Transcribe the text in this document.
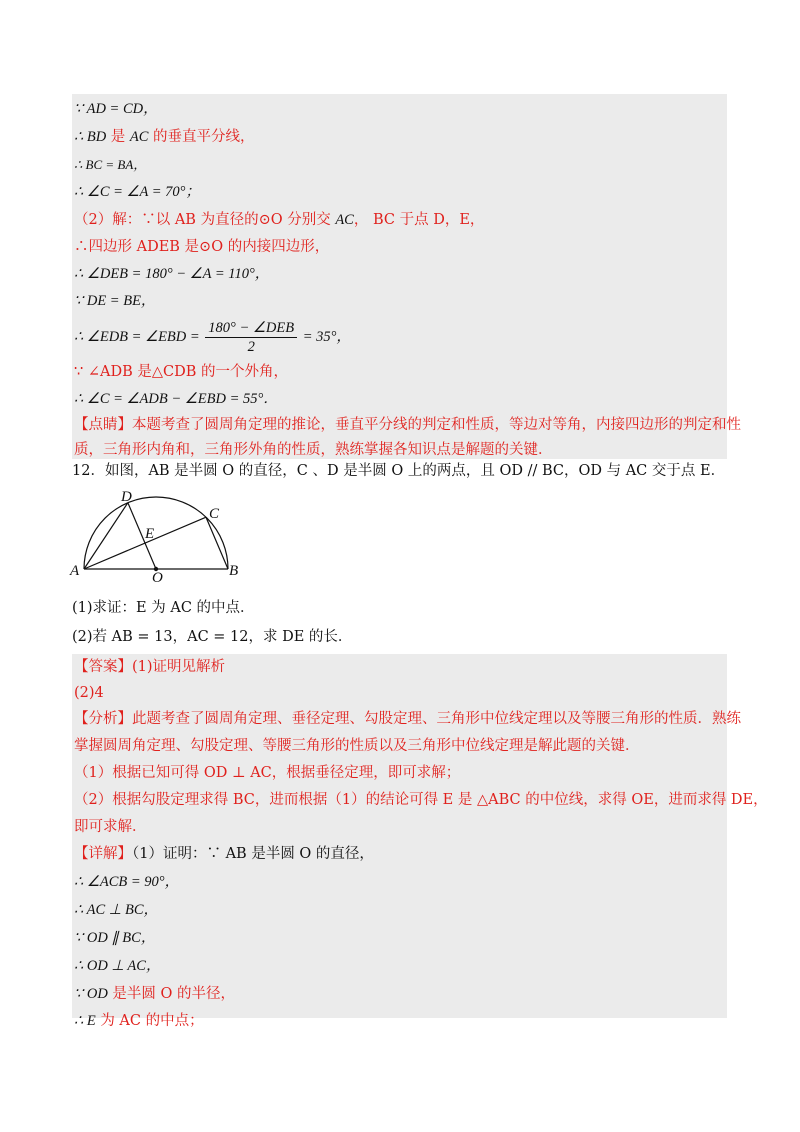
∵ AD = CD，
∴ BD 是 AC 的垂直平分线，
∴ BC = BA，
∴ ∠C = ∠A = 70°；
（2）解：∵以 AB 为直径的⊙O 分别交 AC， BC 于点 D，E，
∴四边形 ADEB 是⊙O 的内接四边形，
∴ ∠DEB = 180° − ∠A = 110°，
∵ DE = BE，
∴ ∠EDB = ∠EBD = $\frac{\text{180° − ∠DEB}}{2} = 35^\circ$，
∵ ∠ADB 是△CDB 的一个外角，
∴ ∠C = ∠ADB − ∠EBD = 55°．
【点睛】本题考查了圆周角定理的推论，垂直平分线的判定和性质，等边对等角，内接四边形的判定和性
质，三角形内角和，三角形外角的性质，熟练掌握各知识点是解题的关键．
12．如图，AB 是半圆 O 的直径，C 、D 是半圆 O 上的两点，且 OD // BC，OD 与 AC 交于点 E．
A	B
C
D
E
O
(1)求证：E 为 AC 的中点．
(2)若 AB = 13，AC = 12，求 DE 的长．
【答案】(1)证明见解析
(2)4
【分析】此题考查了圆周角定理、垂径定理、勾股定理、三角形中位线定理以及等腰三角形的性质．熟练
掌握圆周角定理、勾股定理、等腰三角形的性质以及三角形中位线定理是解此题的关键．
（1）根据已知可得 OD ⊥ AC，根据垂径定理，即可求解；
（2）根据勾股定理求得 BC，进而根据（1）的结论可得 E 是 △ABC 的中位线，求得 OE，进而求得 DE，
即可求解．
【详解】（1）证明：∵ AB 是半圆 O 的直径，
∴ ∠ACB = 90°，
∴ AC ⊥ BC，
∵ OD ∥ BC，
∴ OD ⊥ AC，
∵ OD 是半圆 O 的半径，
∴ E 为 AC 的中点；
